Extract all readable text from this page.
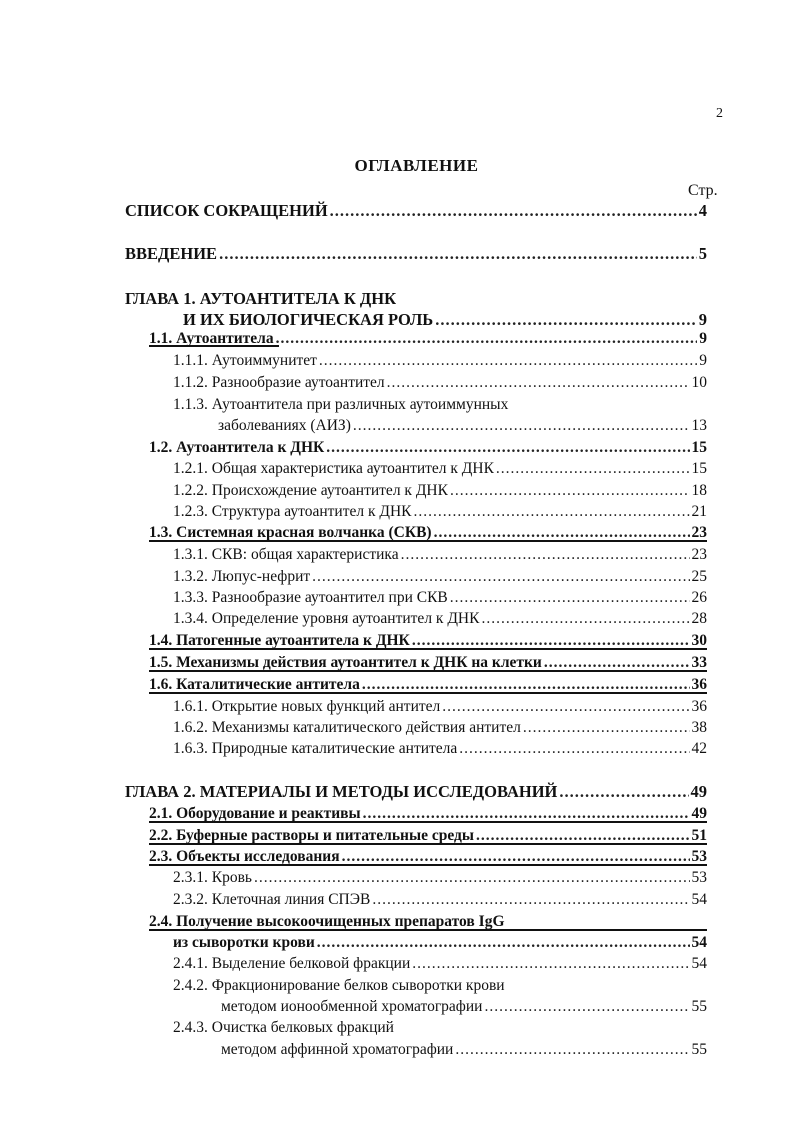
2
ОГЛАВЛЕНИЕ
Стр.
СПИСОК СОКРАЩЕНИЙ .....	4
ВВЕДЕНИЕ .....	5
ГЛАВА 1. АУТОАНТИТЕЛА К ДНК
И ИХ БИОЛОГИЧЕСКАЯ РОЛЬ .....	9
1.1. Аутоантитела .....	9
1.1.1. Аутоиммунитет .....	9
1.1.2. Разнообразие аутоантител .....	10
1.1.3. Аутоантитела при различных аутоиммунных
заболеваниях (АИЗ) .....	13
1.2. Аутоантитела к ДНК .....	15
1.2.1. Общая характеристика аутоантител к ДНК .....	15
1.2.2. Происхождение аутоантител к ДНК .....	18
1.2.3. Структура аутоантител к ДНК .....	21
1.3. Системная красная волчанка (СКВ) .....	23
1.3.1. СКВ: общая характеристика .....	23
1.3.2. Люпус-нефрит .....	25
1.3.3. Разнообразие аутоантител при СКВ .....	26
1.3.4. Определение уровня аутоантител к ДНК .....	28
1.4. Патогенные аутоантитела к ДНК .....	30
1.5. Механизмы действия аутоантител к ДНК на клетки .....	33
1.6. Каталитические антитела .....	36
1.6.1. Открытие новых функций антител .....	36
1.6.2. Механизмы каталитического действия антител .....	38
1.6.3. Природные каталитические антитела .....	42
ГЛАВА 2. МАТЕРИАЛЫ И МЕТОДЫ ИССЛЕДОВАНИЙ .....	49
2.1. Оборудование и реактивы .....	49
2.2. Буферные растворы и питательные среды .....	51
2.3. Объекты исследования .....	53
2.3.1. Кровь .....	53
2.3.2. Клеточная линия СПЭВ .....	54
2.4. Получение высокоочищенных препаратов IgG
из сыворотки крови .....	54
2.4.1. Выделение белковой фракции .....	54
2.4.2. Фракционирование белков сыворотки крови
методом ионообменной хроматографии .....	55
2.4.3. Очистка белковых фракций
методом аффинной хроматографии .....	55
